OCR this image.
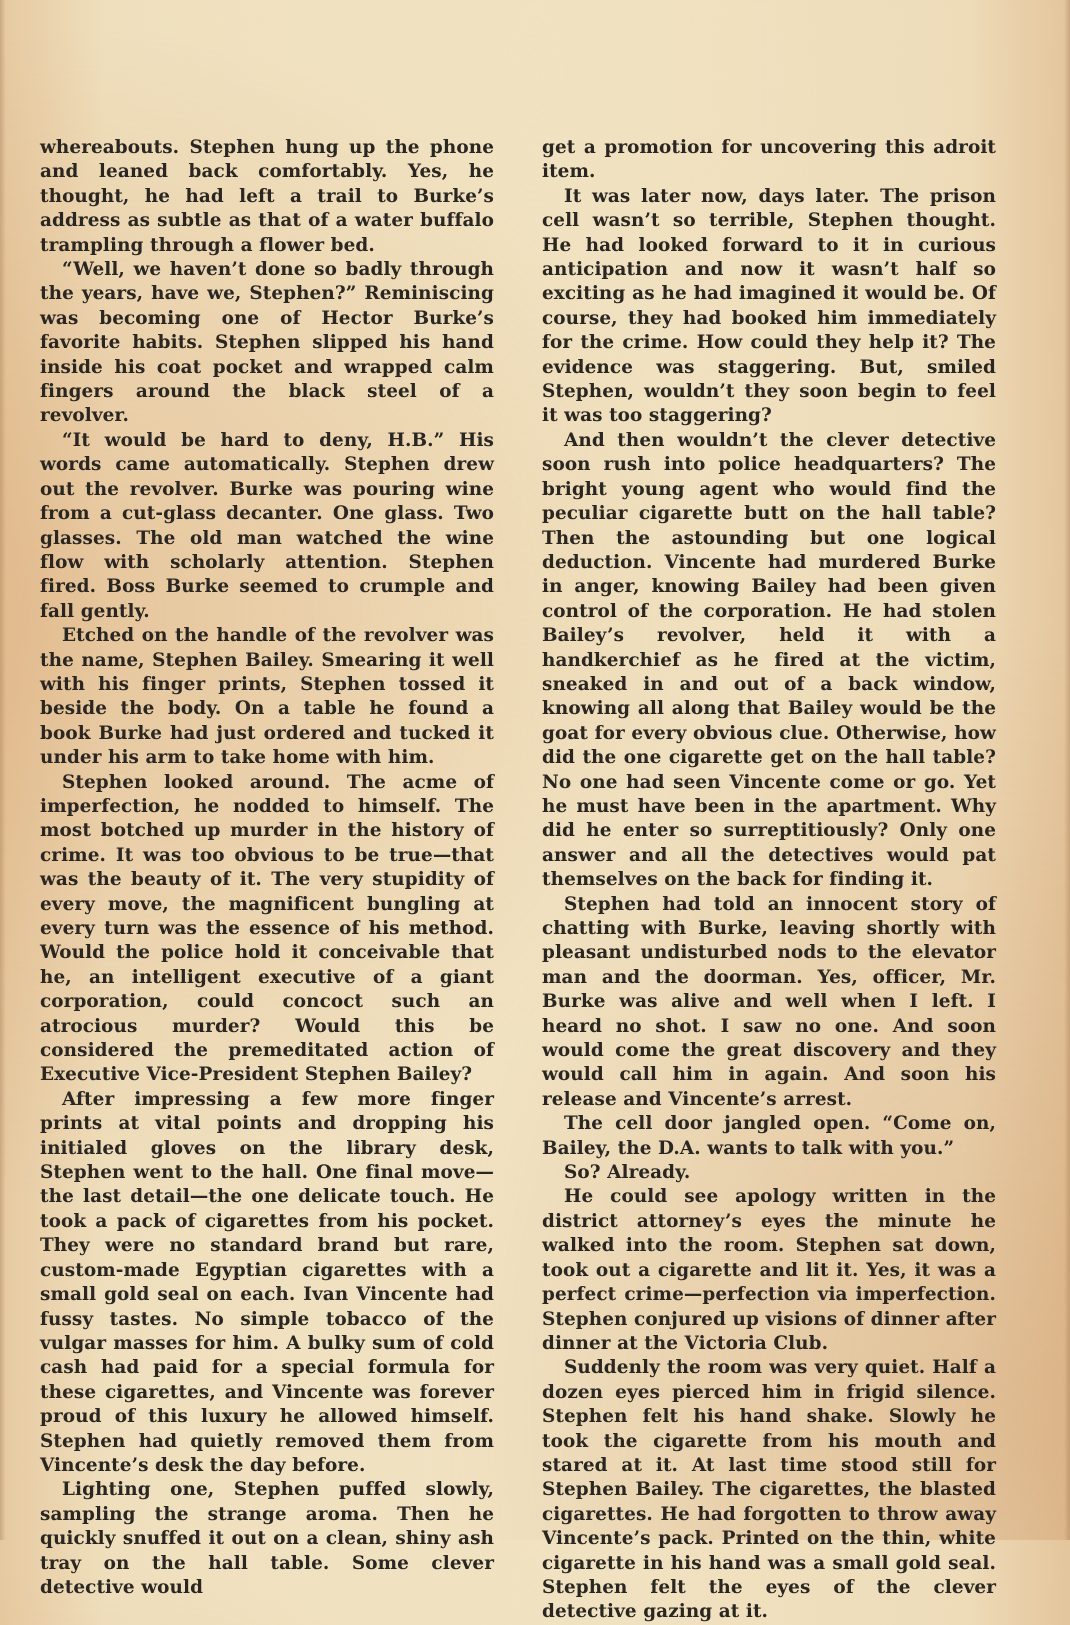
whereabouts. Stephen hung up the phone and leaned back comfortably. Yes, he thought, he had left a trail to Burke’s address as subtle as that of a water buffalo trampling through a flower bed.

“Well, we haven’t done so badly through the years, have we, Stephen?” Reminiscing was becoming one of Hector Burke’s favorite habits. Stephen slipped his hand inside his coat pocket and wrapped calm fingers around the black steel of a revolver.

“It would be hard to deny, H.B.” His words came automatically. Stephen drew out the revolver. Burke was pouring wine from a cut-glass decanter. One glass. Two glasses. The old man watched the wine flow with scholarly attention. Stephen fired. Boss Burke seemed to crumple and fall gently.

Etched on the handle of the revolver was the name, Stephen Bailey. Smearing it well with his finger prints, Stephen tossed it beside the body. On a table he found a book Burke had just ordered and tucked it under his arm to take home with him.

Stephen looked around. The acme of imperfection, he nodded to himself. The most botched up murder in the history of crime. It was too obvious to be true—that was the beauty of it. The very stupidity of every move, the magnificent bungling at every turn was the essence of his method. Would the police hold it conceivable that he, an intelligent executive of a giant corporation, could concoct such an atrocious murder? Would this be considered the premeditated action of Executive Vice-President Stephen Bailey?

After impressing a few more finger prints at vital points and dropping his initialed gloves on the library desk, Stephen went to the hall. One final move—the last detail—the one delicate touch. He took a pack of cigarettes from his pocket. They were no standard brand but rare, custom-made Egyptian cigarettes with a small gold seal on each. Ivan Vincente had fussy tastes. No simple tobacco of the vulgar masses for him. A bulky sum of cold cash had paid for a special formula for these cigarettes, and Vincente was forever proud of this luxury he allowed himself. Stephen had quietly removed them from Vincente’s desk the day before.

Lighting one, Stephen puffed slowly, sampling the strange aroma. Then he quickly snuffed it out on a clean, shiny ash tray on the hall table. Some clever detective would

get a promotion for uncovering this adroit item.

It was later now, days later. The prison cell wasn’t so terrible, Stephen thought. He had looked forward to it in curious anticipation and now it wasn’t half so exciting as he had imagined it would be. Of course, they had booked him immediately for the crime. How could they help it? The evidence was staggering. But, smiled Stephen, wouldn’t they soon begin to feel it was too staggering?

And then wouldn’t the clever detective soon rush into police headquarters? The bright young agent who would find the peculiar cigarette butt on the hall table? Then the astounding but one logical deduction. Vincente had murdered Burke in anger, knowing Bailey had been given control of the corporation. He had stolen Bailey’s revolver, held it with a handkerchief as he fired at the victim, sneaked in and out of a back window, knowing all along that Bailey would be the goat for every obvious clue. Otherwise, how did the one cigarette get on the hall table? No one had seen Vincente come or go. Yet he must have been in the apartment. Why did he enter so surreptitiously? Only one answer and all the detectives would pat themselves on the back for finding it.

Stephen had told an innocent story of chatting with Burke, leaving shortly with pleasant undisturbed nods to the elevator man and the doorman. Yes, officer, Mr. Burke was alive and well when I left. I heard no shot. I saw no one. And soon would come the great discovery and they would call him in again. And soon his release and Vincente’s arrest.

The cell door jangled open. “Come on, Bailey, the D.A. wants to talk with you.”

So? Already.

He could see apology written in the district attorney’s eyes the minute he walked into the room. Stephen sat down, took out a cigarette and lit it. Yes, it was a perfect crime—perfection via imperfection. Stephen conjured up visions of dinner after dinner at the Victoria Club.

Suddenly the room was very quiet. Half a dozen eyes pierced him in frigid silence. Stephen felt his hand shake. Slowly he took the cigarette from his mouth and stared at it. At last time stood still for Stephen Bailey. The cigarettes, the blasted cigarettes. He had forgotten to throw away Vincente’s pack. Printed on the thin, white cigarette in his hand was a small gold seal. Stephen felt the eyes of the clever detective gazing at it.
